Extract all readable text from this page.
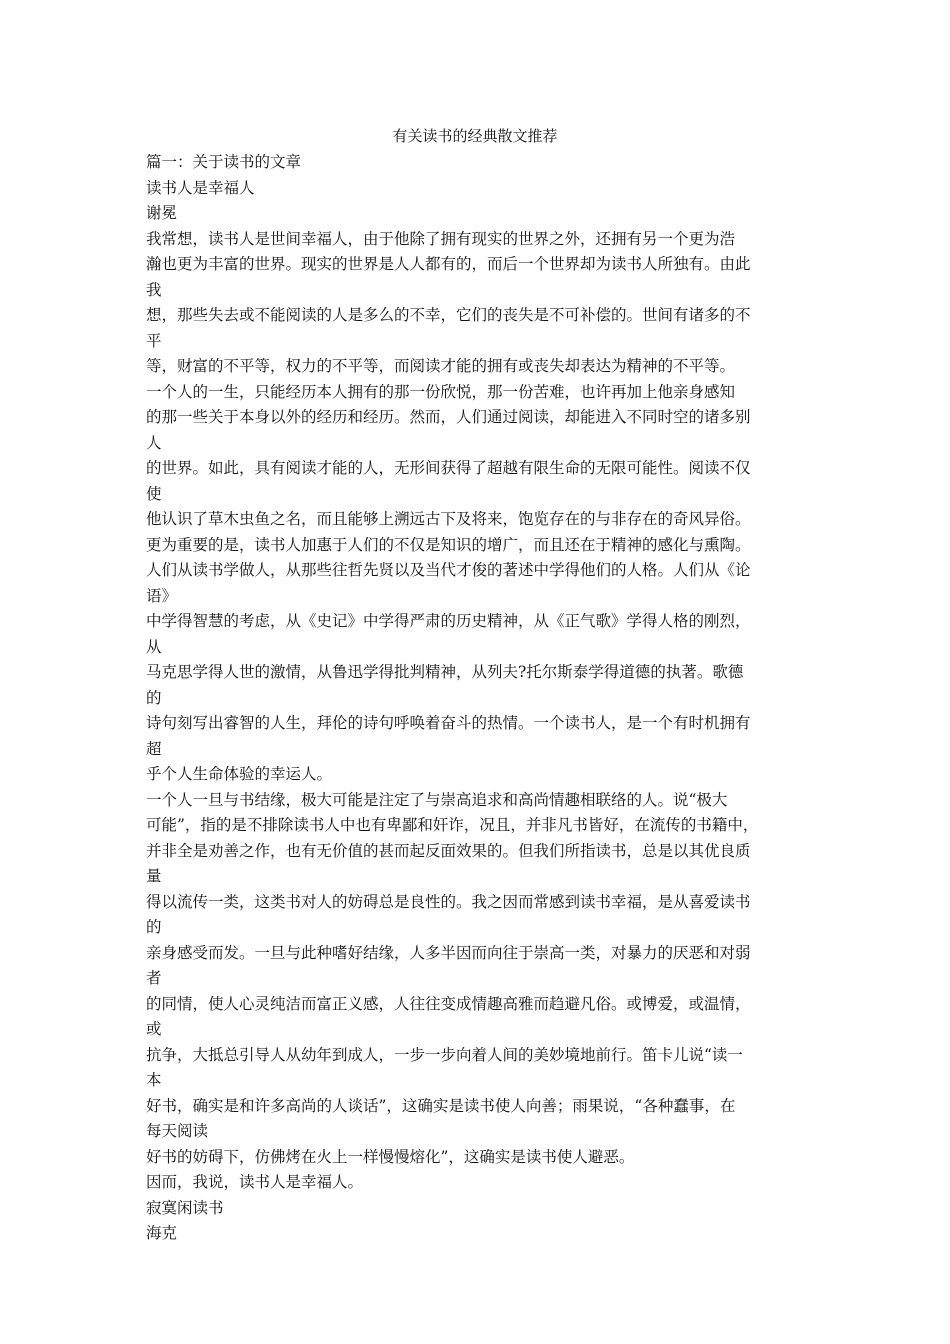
有关读书的经典散文推荐
篇一：关于读书的文章
读书人是幸福人
谢冕
我常想，读书人是世间幸福人，由于他除了拥有现实的世界之外，还拥有另一个更为浩
瀚也更为丰富的世界。现实的世界是人人都有的，而后一个世界却为读书人所独有。由此
我
想，那些失去或不能阅读的人是多么的不幸，它们的丧失是不可补偿的。世间有诸多的不
平
等，财富的不平等，权力的不平等，而阅读才能的拥有或丧失却表达为精神的不平等。
一个人的一生，只能经历本人拥有的那一份欣悦，那一份苦难，也许再加上他亲身感知
的那一些关于本身以外的经历和经历。然而，人们通过阅读，却能进入不同时空的诸多别
人
的世界。如此，具有阅读才能的人，无形间获得了超越有限生命的无限可能性。阅读不仅
使
他认识了草木虫鱼之名，而且能够上溯远古下及将来，饱览存在的与非存在的奇风异俗。
更为重要的是，读书人加惠于人们的不仅是知识的增广，而且还在于精神的感化与熏陶。
人们从读书学做人，从那些往哲先贤以及当代才俊的著述中学得他们的人格。人们从《论
语》
中学得智慧的考虑，从《史记》中学得严肃的历史精神，从《正气歌》学得人格的刚烈，
从
马克思学得人世的激情，从鲁迅学得批判精神，从列夫?托尔斯泰学得道德的执著。歌德
的
诗句刻写出睿智的人生，拜伦的诗句呼唤着奋斗的热情。一个读书人，是一个有时机拥有
超
乎个人生命体验的幸运人。
一个人一旦与书结缘，极大可能是注定了与崇高追求和高尚情趣相联络的人。说“极大
可能”，指的是不排除读书人中也有卑鄙和奸诈，况且，并非凡书皆好，在流传的书籍中，
并非全是劝善之作，也有无价值的甚而起反面效果的。但我们所指读书，总是以其优良质
量
得以流传一类，这类书对人的妨碍总是良性的。我之因而常感到读书幸福，是从喜爱读书
的
亲身感受而发。一旦与此种嗜好结缘，人多半因而向往于崇高一类，对暴力的厌恶和对弱
者
的同情，使人心灵纯洁而富正义感，人往往变成情趣高雅而趋避凡俗。或博爱，或温情，
或
抗争，大抵总引导人从幼年到成人，一步一步向着人间的美妙境地前行。笛卡儿说“读一
本
好书，确实是和许多高尚的人谈话”，这确实是读书使人向善；雨果说，“各种蠢事，在
每天阅读
好书的妨碍下，仿佛烤在火上一样慢慢熔化”，这确实是读书使人避恶。
因而，我说，读书人是幸福人。
寂寞闲读书
海克
